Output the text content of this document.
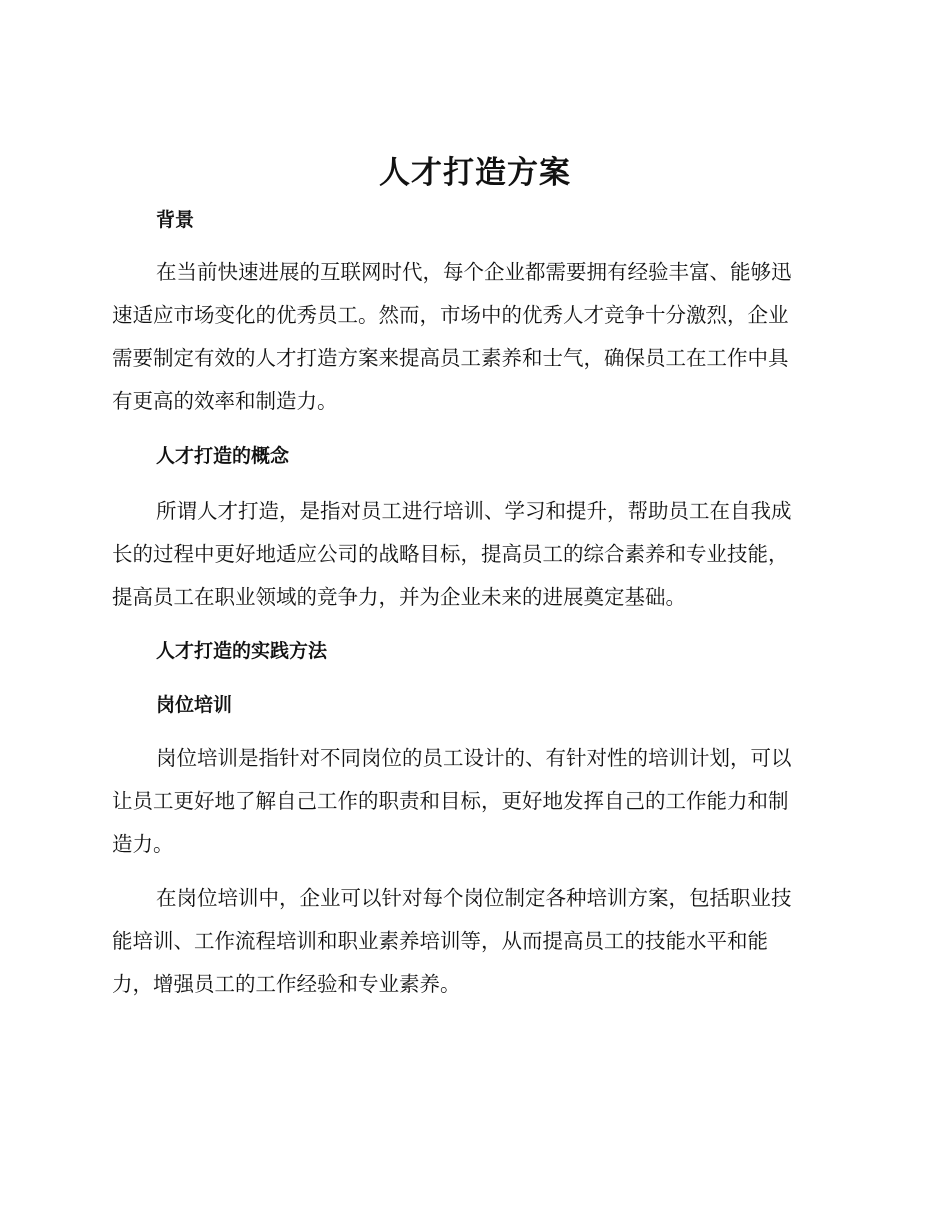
人才打造方案
背景
在当前快速进展的互联网时代，每个企业都需要拥有经验丰富、能够迅
速适应市场变化的优秀员工。然而，市场中的优秀人才竞争十分激烈，企业
需要制定有效的人才打造方案来提高员工素养和士气，确保员工在工作中具
有更高的效率和制造力。
人才打造的概念
所谓人才打造，是指对员工进行培训、学习和提升，帮助员工在自我成
长的过程中更好地适应公司的战略目标，提高员工的综合素养和专业技能，
提高员工在职业领域的竞争力，并为企业未来的进展奠定基础。
人才打造的实践方法
岗位培训
岗位培训是指针对不同岗位的员工设计的、有针对性的培训计划，可以
让员工更好地了解自己工作的职责和目标，更好地发挥自己的工作能力和制
造力。
在岗位培训中，企业可以针对每个岗位制定各种培训方案，包括职业技
能培训、工作流程培训和职业素养培训等，从而提高员工的技能水平和能
力，增强员工的工作经验和专业素养。
